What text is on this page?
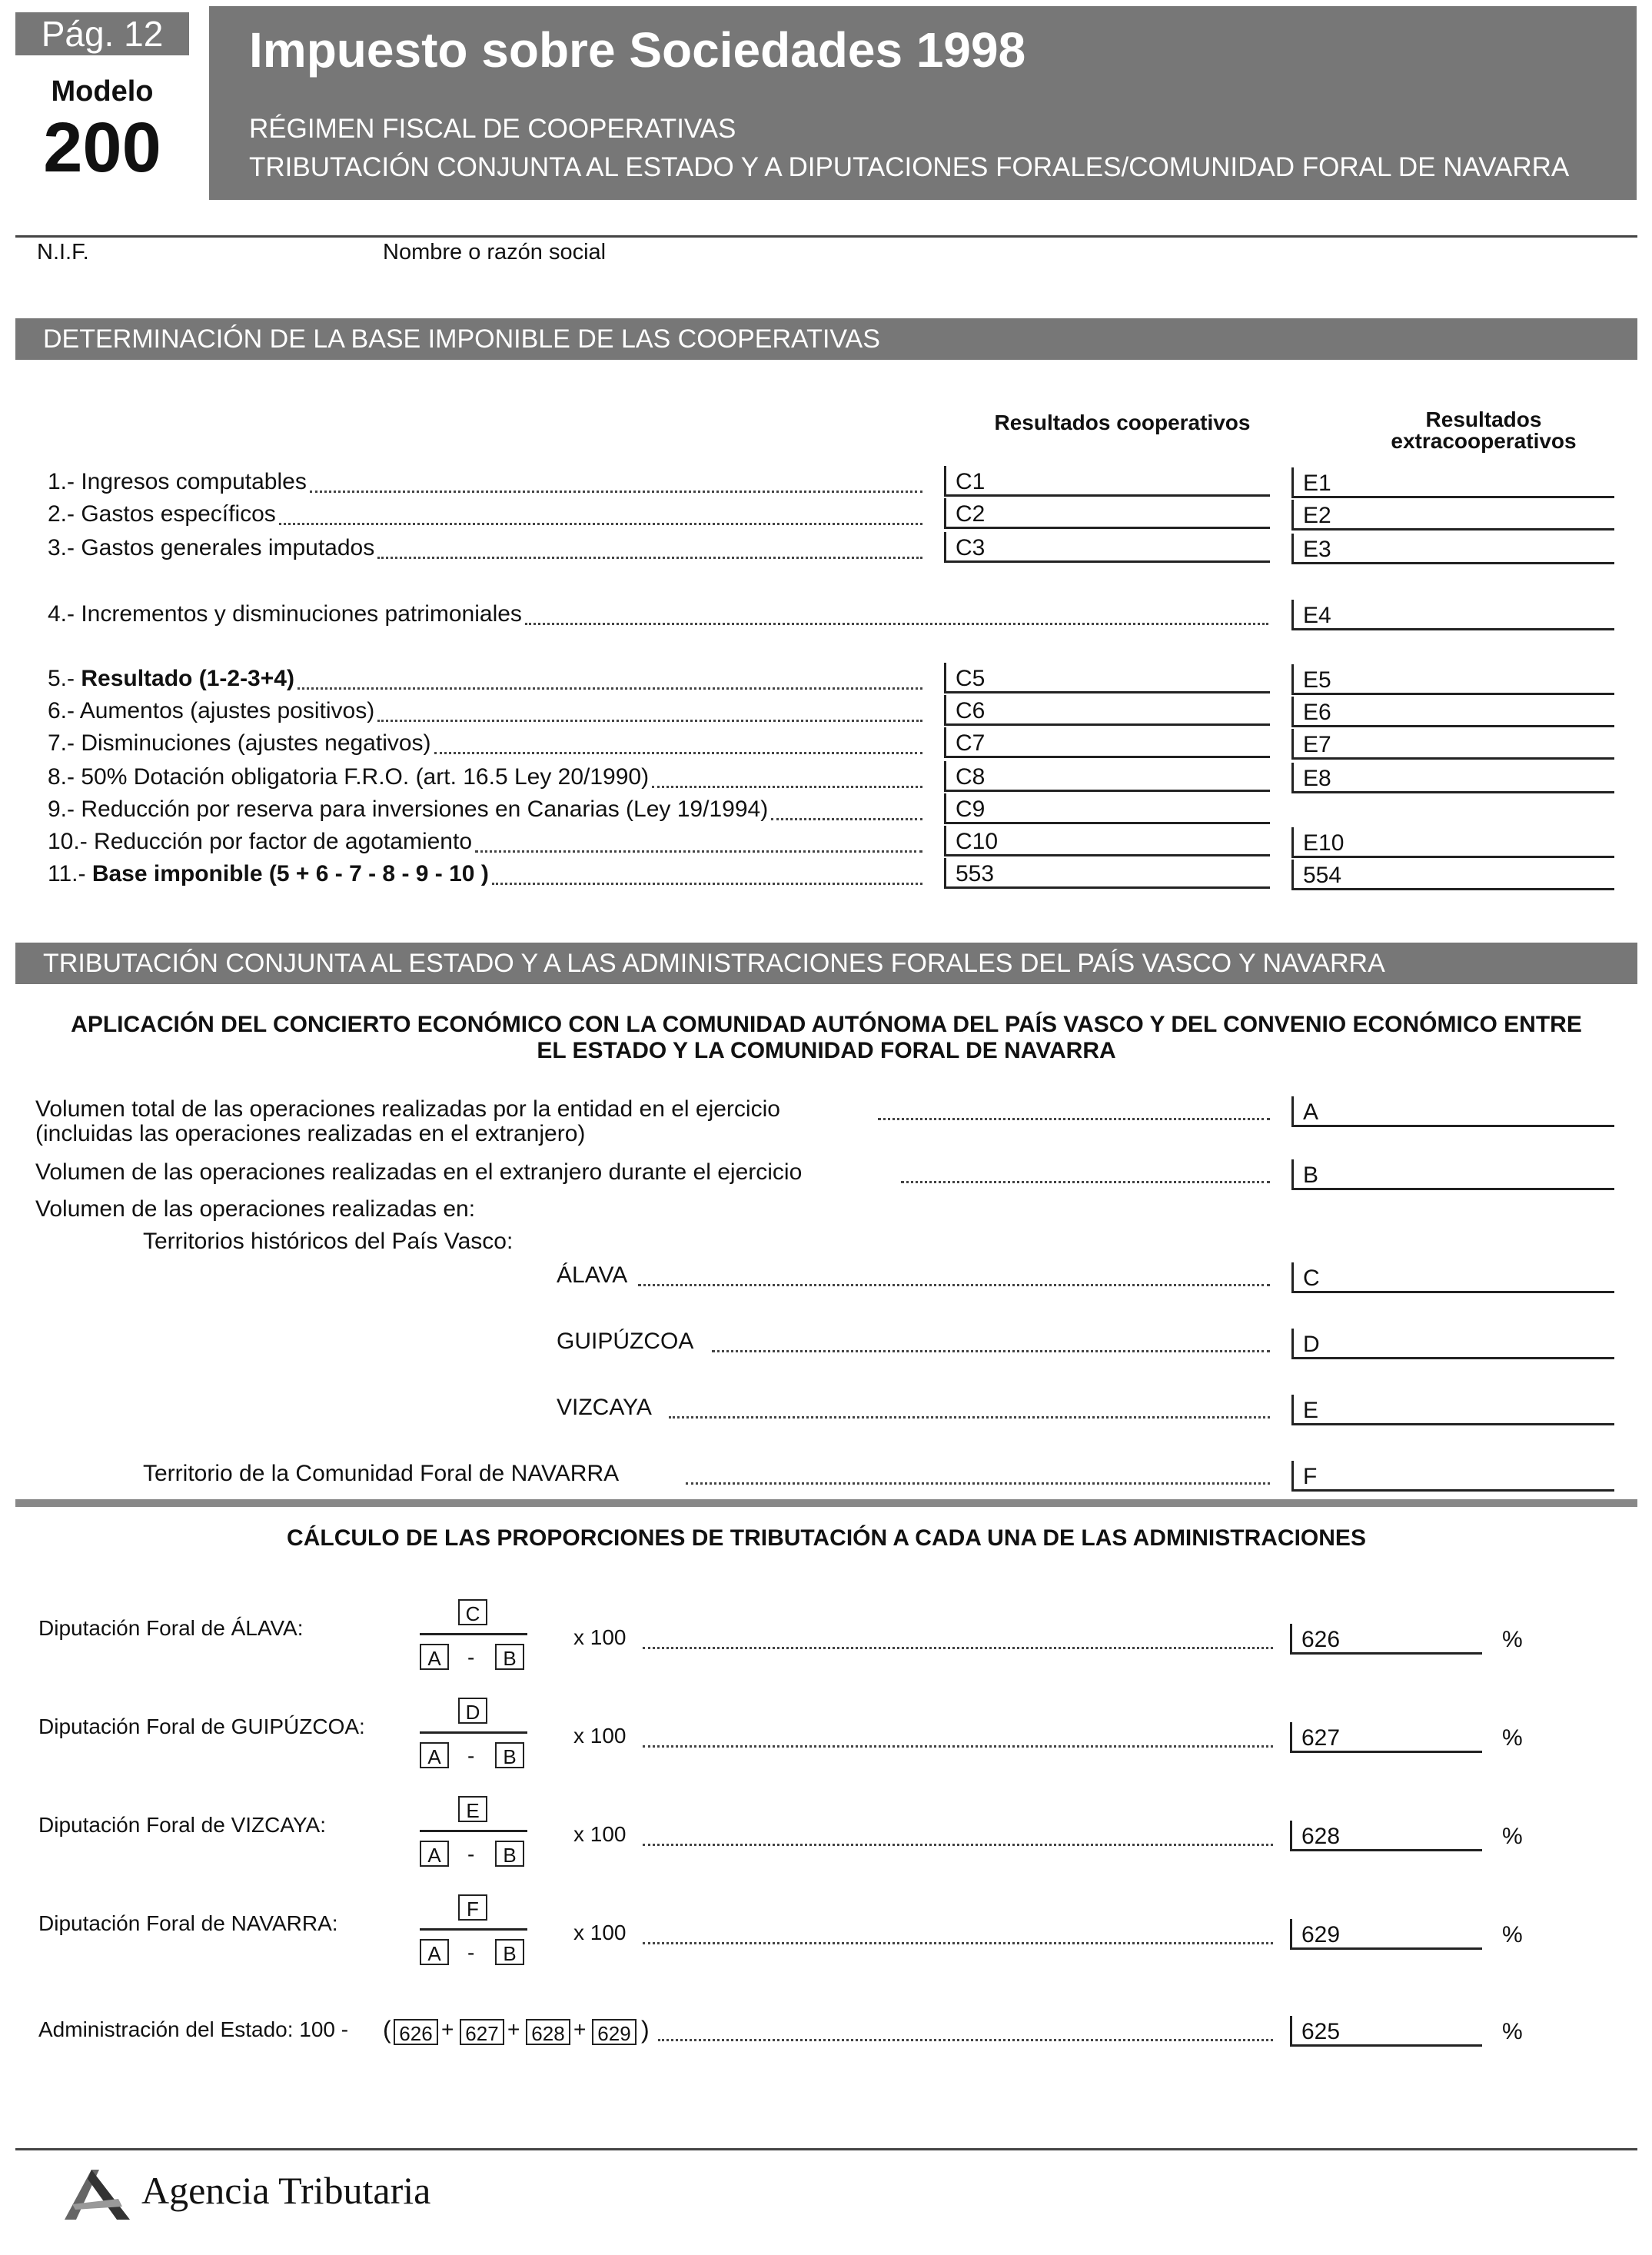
Pág. 12
Modelo
200
Impuesto sobre Sociedades 1998
RÉGIMEN FISCAL DE COOPERATIVAS
TRIBUTACIÓN CONJUNTA AL ESTADO Y A DIPUTACIONES FORALES/COMUNIDAD FORAL DE NAVARRA
N.I.F.	Nombre o razón social
DETERMINACIÓN DE LA BASE IMPONIBLE DE LAS COOPERATIVAS
Resultados cooperativos	Resultados
extracooperativos
1.- Ingresos computables	C1	E1
2.- Gastos específicos	C2	E2
3.- Gastos generales imputados	C3	E3
4.- Incrementos y disminuciones patrimoniales	E4
5.- Resultado (1-2-3+4)	C5	E5
6.- Aumentos (ajustes positivos)	C6	E6
7.- Disminuciones (ajustes negativos)	C7	E7
8.- 50% Dotación obligatoria F.R.O. (art. 16.5 Ley 20/1990)	C8	E8
9.- Reducción por reserva para inversiones en Canarias (Ley 19/1994)	C9
10.- Reducción por factor de agotamiento	C10	E10
11.- Base imponible (5 + 6 - 7 - 8 - 9 - 10 )	553	554
TRIBUTACIÓN CONJUNTA AL ESTADO Y A LAS ADMINISTRACIONES FORALES DEL PAÍS VASCO Y NAVARRA
APLICACIÓN DEL CONCIERTO ECONÓMICO CON LA COMUNIDAD AUTÓNOMA DEL PAÍS VASCO Y DEL CONVENIO ECONÓMICO ENTRE
EL ESTADO Y LA COMUNIDAD FORAL DE NAVARRA
Volumen total de las operaciones realizadas por la entidad en el ejercicio	A
(incluidas las operaciones realizadas en el extranjero)
Volumen de las operaciones realizadas en el extranjero durante el ejercicio	B
Volumen de las operaciones realizadas en:
Territorios históricos del País Vasco:
ÁLAVA	C
GUIPÚZCOA	D
VIZCAYA	E
Territorio de la Comunidad Foral de NAVARRA	F
CÁLCULO DE LAS PROPORCIONES DE TRIBUTACIÓN A CADA UNA DE LAS ADMINISTRACIONES
Diputación Foral de ÁLAVA:
C
A	-	B
x 100	626	%
Diputación Foral de GUIPÚZCOA:
D
A	-	B
x 100	627	%
Diputación Foral de VIZCAYA:
E
A	-	B
x 100	628	%
Diputación Foral de NAVARRA:
F
A	-	B
x 100	629	%
Administración del Estado: 100 - ( 626 + 627 + 628 + 629 )	625	%
Agencia Tributaria
